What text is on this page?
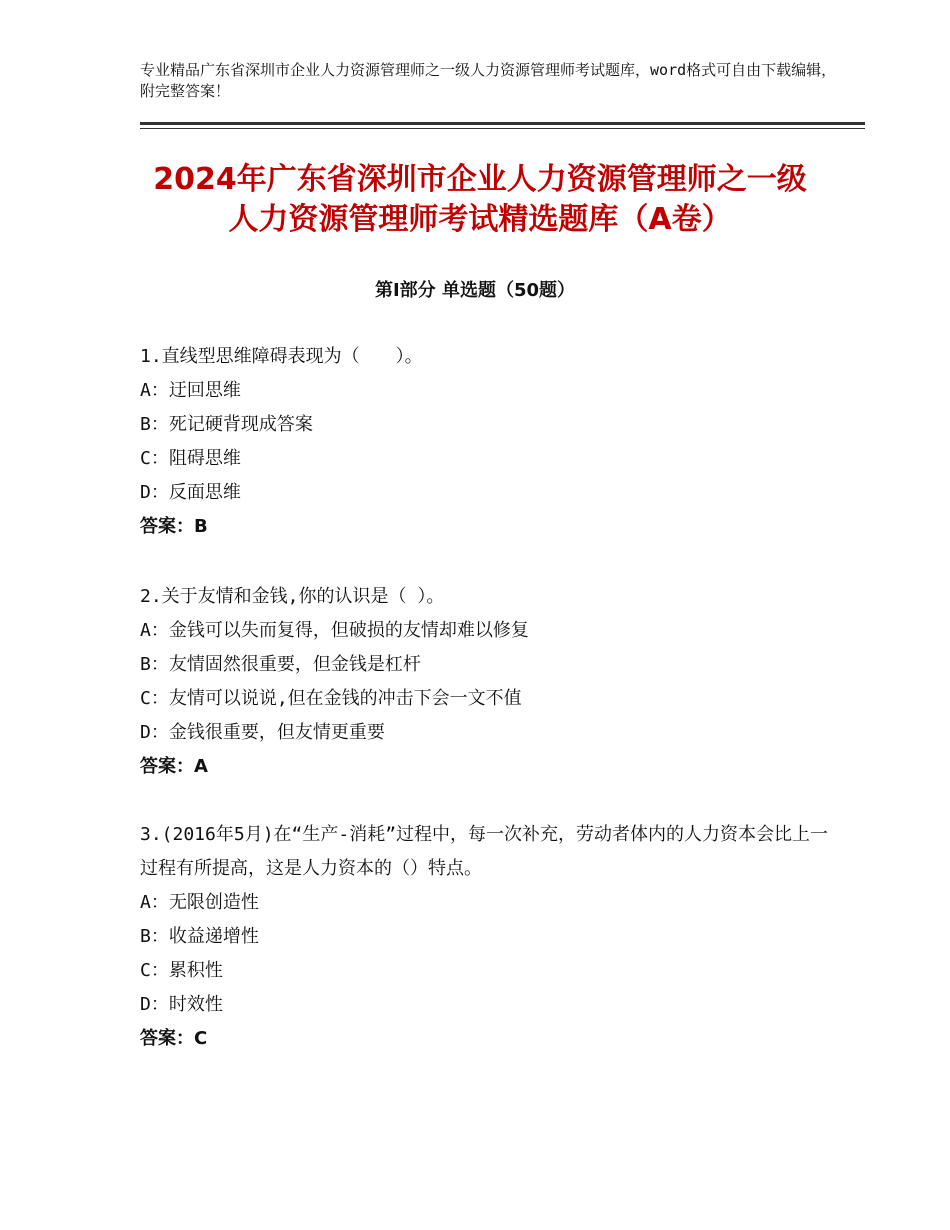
专业精品广东省深圳市企业人力资源管理师之一级人力资源管理师考试题库，word格式可自由下载编辑，附完整答案！
2024年广东省深圳市企业人力资源管理师之一级人力资源管理师考试精选题库（A卷）
第Ⅰ部分 单选题（50题）

1.直线型思维障碍表现为（　　）。

A：迂回思维

B：死记硬背现成答案

C：阻碍思维

D：反面思维

答案：B

2.关于友情和金钱,你的认识是（ ）。

A：金钱可以失而复得，但破损的友情却难以修复

B：友情固然很重要，但金钱是杠杆

C：友情可以说说,但在金钱的冲击下会一文不值

D：金钱很重要，但友情更重要

答案：A

3.(2016年5月)在“生产-消耗”过程中，每一次补充，劳动者体内的人力资本会比上一过程有所提高，这是人力资本的（）特点。

A：无限创造性

B：收益递增性

C：累积性

D：时效性

答案：C
